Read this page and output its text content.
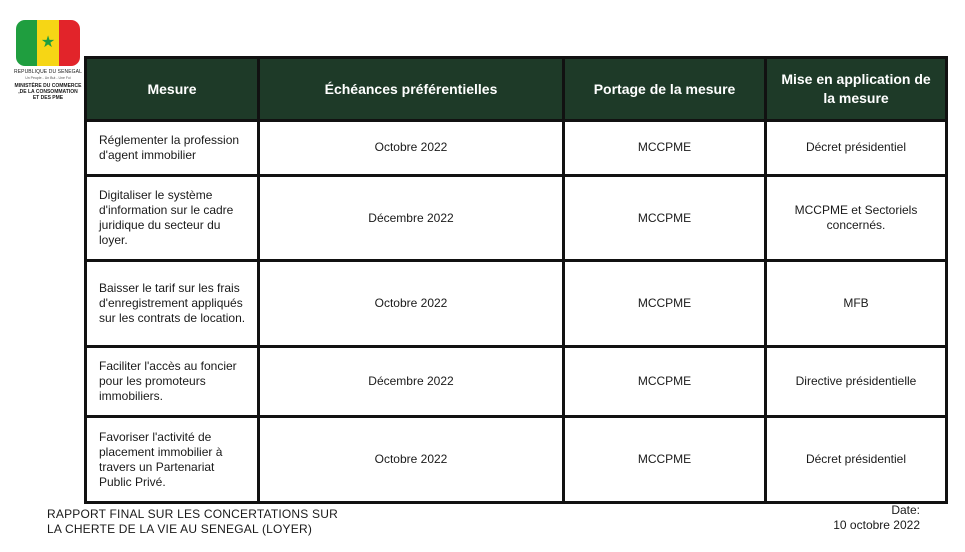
★
REPUBLIQUE DU SENEGAL
Un Peuple - Un But - Une Foi
MINISTÈRE DU COMMERCE
,DE LA CONSOMMATION
ET DES PME
Mesure	Échéances préférentielles	Portage de la mesure	Mise en application de la mesure
Réglementer la profession d'agent immobilier	Octobre 2022	MCCPME	Décret présidentiel
Digitaliser le système d'information sur le cadre juridique du secteur du loyer.	Décembre 2022	MCCPME	MCCPME et Sectoriels concernés.
Baisser le tarif sur les frais d'enregistrement appliqués sur les contrats de location.	Octobre 2022	MCCPME	MFB
Faciliter l'accès au foncier pour les promoteurs immobiliers.	Décembre 2022	MCCPME	Directive présidentielle
Favoriser l'activité de placement immobilier à travers un Partenariat Public Privé.	Octobre 2022	MCCPME	Décret présidentiel
RAPPORT FINAL SUR LES CONCERTATIONS SUR
LA CHERTE DE LA VIE AU SENEGAL (LOYER)
Date:
10 octobre 2022
